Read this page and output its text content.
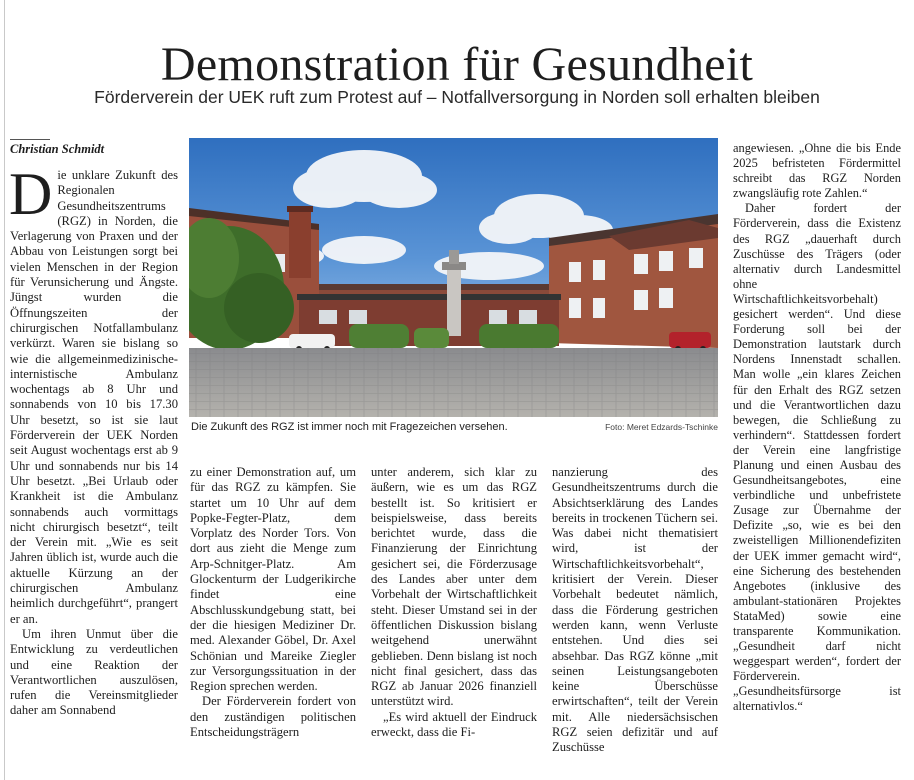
Demonstration für Gesundheit
Förderverein der UEK ruft zum Protest auf – Notfallversorgung in Norden soll erhalten bleiben
Christian Schmidt

Die unklare Zukunft des Regionalen Gesundheitszentrums (RGZ) in Norden, die Verlagerung von Praxen und der Abbau von Leistungen sorgt bei vielen Menschen in der Region für Verunsicherung und Ängste. Jüngst wurden die Öffnungszeiten der chirurgischen Notfallambulanz verkürzt. Waren sie bislang so wie die allgemeinmedizinische-internistische Ambulanz wochentags ab 8 Uhr und sonnabends von 10 bis 17.30 Uhr besetzt, so ist sie laut Förderverein der UEK Norden seit August wochentags erst ab 9 Uhr und sonnabends nur bis 14 Uhr besetzt. „Bei Urlaub oder Krankheit ist die Ambulanz sonnabends auch vormittags nicht chirurgisch besetzt“, teilt der Verein mit. „Wie es seit Jahren üblich ist, wurde auch die aktuelle Kürzung an der chirurgischen Ambulanz heimlich durchgeführt“, prangert er an.

Um ihren Unmut über die Entwicklung zu verdeutlichen und eine Reaktion der Verantwortlichen auszulösen, rufen die Vereinsmitglieder daher am Sonnabend

Die Zukunft des RGZ ist immer noch mit Fragezeichen versehen.	Foto: Meret Edzards-Tschinke

zu einer Demonstration auf, um für das RGZ zu kämpfen. Sie startet um 10 Uhr auf dem Popke-Fegter-Platz, dem Vorplatz des Norder Tors. Von dort aus zieht die Menge zum Arp-Schnitger-Platz. Am Glockenturm der Ludgerikirche findet eine Abschlusskundgebung statt, bei der die hiesigen Mediziner Dr. med. Alexander Göbel, Dr. Axel Schönian und Mareike Ziegler zur Versorgungssituation in der Region sprechen werden.

Der Förderverein fordert von den zuständigen politischen Entscheidungsträgern

unter anderem, sich klar zu äußern, wie es um das RGZ bestellt ist. So kritisiert er beispielsweise, dass bereits berichtet wurde, dass die Finanzierung der Einrichtung gesichert sei, die Förderzusage des Landes aber unter dem Vorbehalt der Wirtschaftlichkeit steht. Dieser Umstand sei in der öffentlichen Diskussion bislang weitgehend unerwähnt geblieben. Denn bislang ist noch nicht final gesichert, dass das RGZ ab Januar 2026 finanziell unterstützt wird.

„Es wird aktuell der Eindruck erweckt, dass die Fi-

nanzierung des Gesundheitszentrums durch die Absichtserklärung des Landes bereits in trockenen Tüchern sei. Was dabei nicht thematisiert wird, ist der Wirtschaftlichkeitsvorbehalt“, kritisiert der Verein. Dieser Vorbehalt bedeutet nämlich, dass die Förderung gestrichen werden kann, wenn Verluste entstehen. Und dies sei absehbar. Das RGZ könne „mit seinen Leistungsangeboten keine Überschüsse erwirtschaften“, teilt der Verein mit. Alle niedersächsischen RGZ seien defizitär und auf Zuschüsse

angewiesen. „Ohne die bis Ende 2025 befristeten Fördermittel schreibt das RGZ Norden zwangsläufig rote Zahlen.“

Daher fordert der Förderverein, dass die Existenz des RGZ „dauerhaft durch Zuschüsse des Trägers (oder alternativ durch Landesmittel ohne Wirtschaftlichkeitsvorbehalt) gesichert werden“. Und diese Forderung soll bei der Demonstration lautstark durch Nordens Innenstadt schallen. Man wolle „ein klares Zeichen für den Erhalt des RGZ setzen und die Verantwortlichen dazu bewegen, die Schließung zu verhindern“. Stattdessen fordert der Verein eine langfristige Planung und einen Ausbau des Gesundheitsangebotes, eine verbindliche und unbefristete Zusage zur Übernahme der Defizite „so, wie es bei den zweistelligen Millionendefiziten der UEK immer gemacht wird“, eine Sicherung des bestehenden Angebotes (inklusive des ambulant-stationären Projektes StataMed) sowie eine transparente Kommunikation. „Gesundheit darf nicht weggespart werden“, fordert der Förderverein. „Gesundheitsfürsorge ist alternativlos.“
